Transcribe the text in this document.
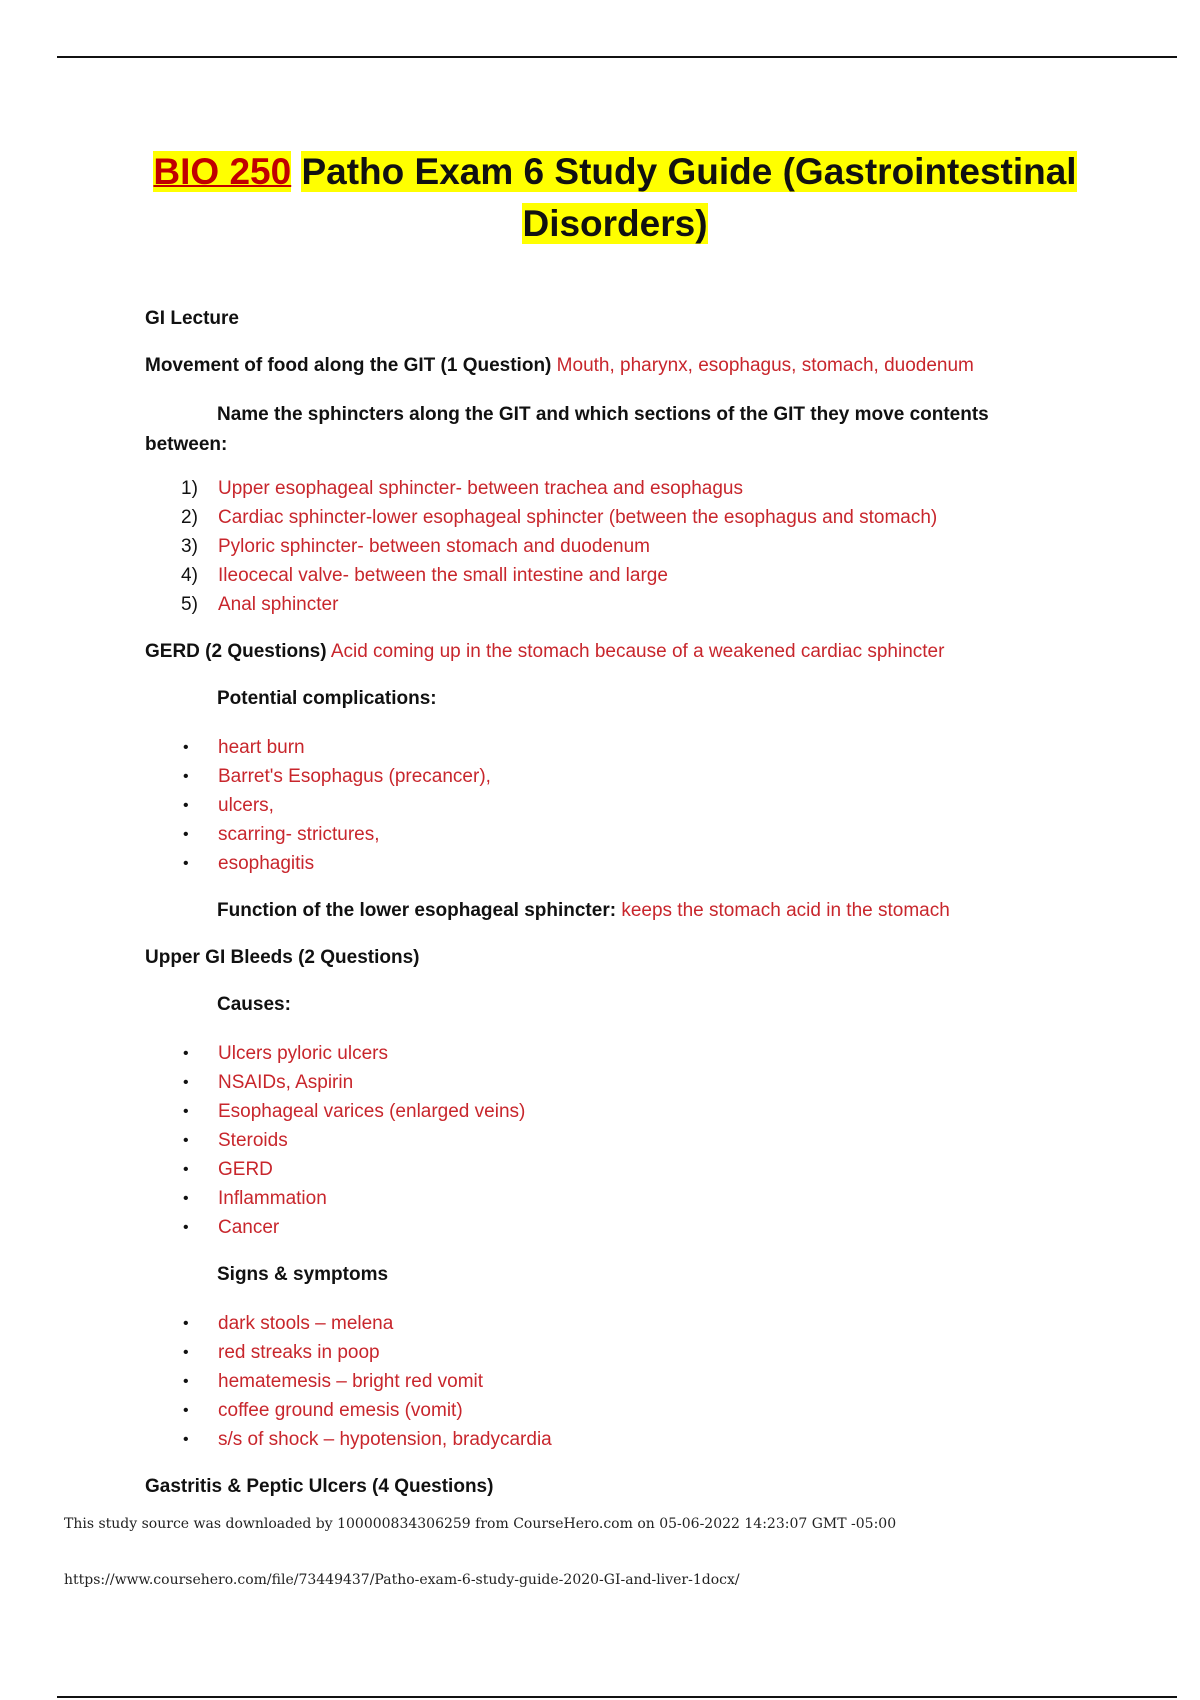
BIO 250 Patho Exam 6 Study Guide (Gastrointestinal
Disorders)

GI Lecture

Movement of food along the GIT (1 Question) Mouth, pharynx, esophagus, stomach, duodenum

Name the sphincters along the GIT and which sections of the GIT they move contents between:

1) Upper esophageal sphincter- between trachea and esophagus
2) Cardiac sphincter-lower esophageal sphincter (between the esophagus and stomach)
3) Pyloric sphincter- between stomach and duodenum
4) Ileocecal valve- between the small intestine and large
5) Anal sphincter

GERD (2 Questions) Acid coming up in the stomach because of a weakened cardiac sphincter

Potential complications:

• heart burn
• Barret's Esophagus (precancer),
• ulcers,
• scarring- strictures,
• esophagitis

Function of the lower esophageal sphincter: keeps the stomach acid in the stomach

Upper GI Bleeds (2 Questions)

Causes:

• Ulcers pyloric ulcers
• NSAIDs, Aspirin
• Esophageal varices (enlarged veins)
• Steroids
• GERD
• Inflammation
• Cancer

Signs & symptoms

• dark stools – melena
• red streaks in poop
• hematemesis – bright red vomit
• coffee ground emesis (vomit)
• s/s of shock – hypotension, bradycardia

Gastritis & Peptic Ulcers (4 Questions)

This study source was downloaded by 100000834306259 from CourseHero.com on 05-06-2022 14:23:07 GMT -05:00
https://www.coursehero.com/file/73449437/Patho-exam-6-study-guide-2020-GI-and-liver-1docx/
